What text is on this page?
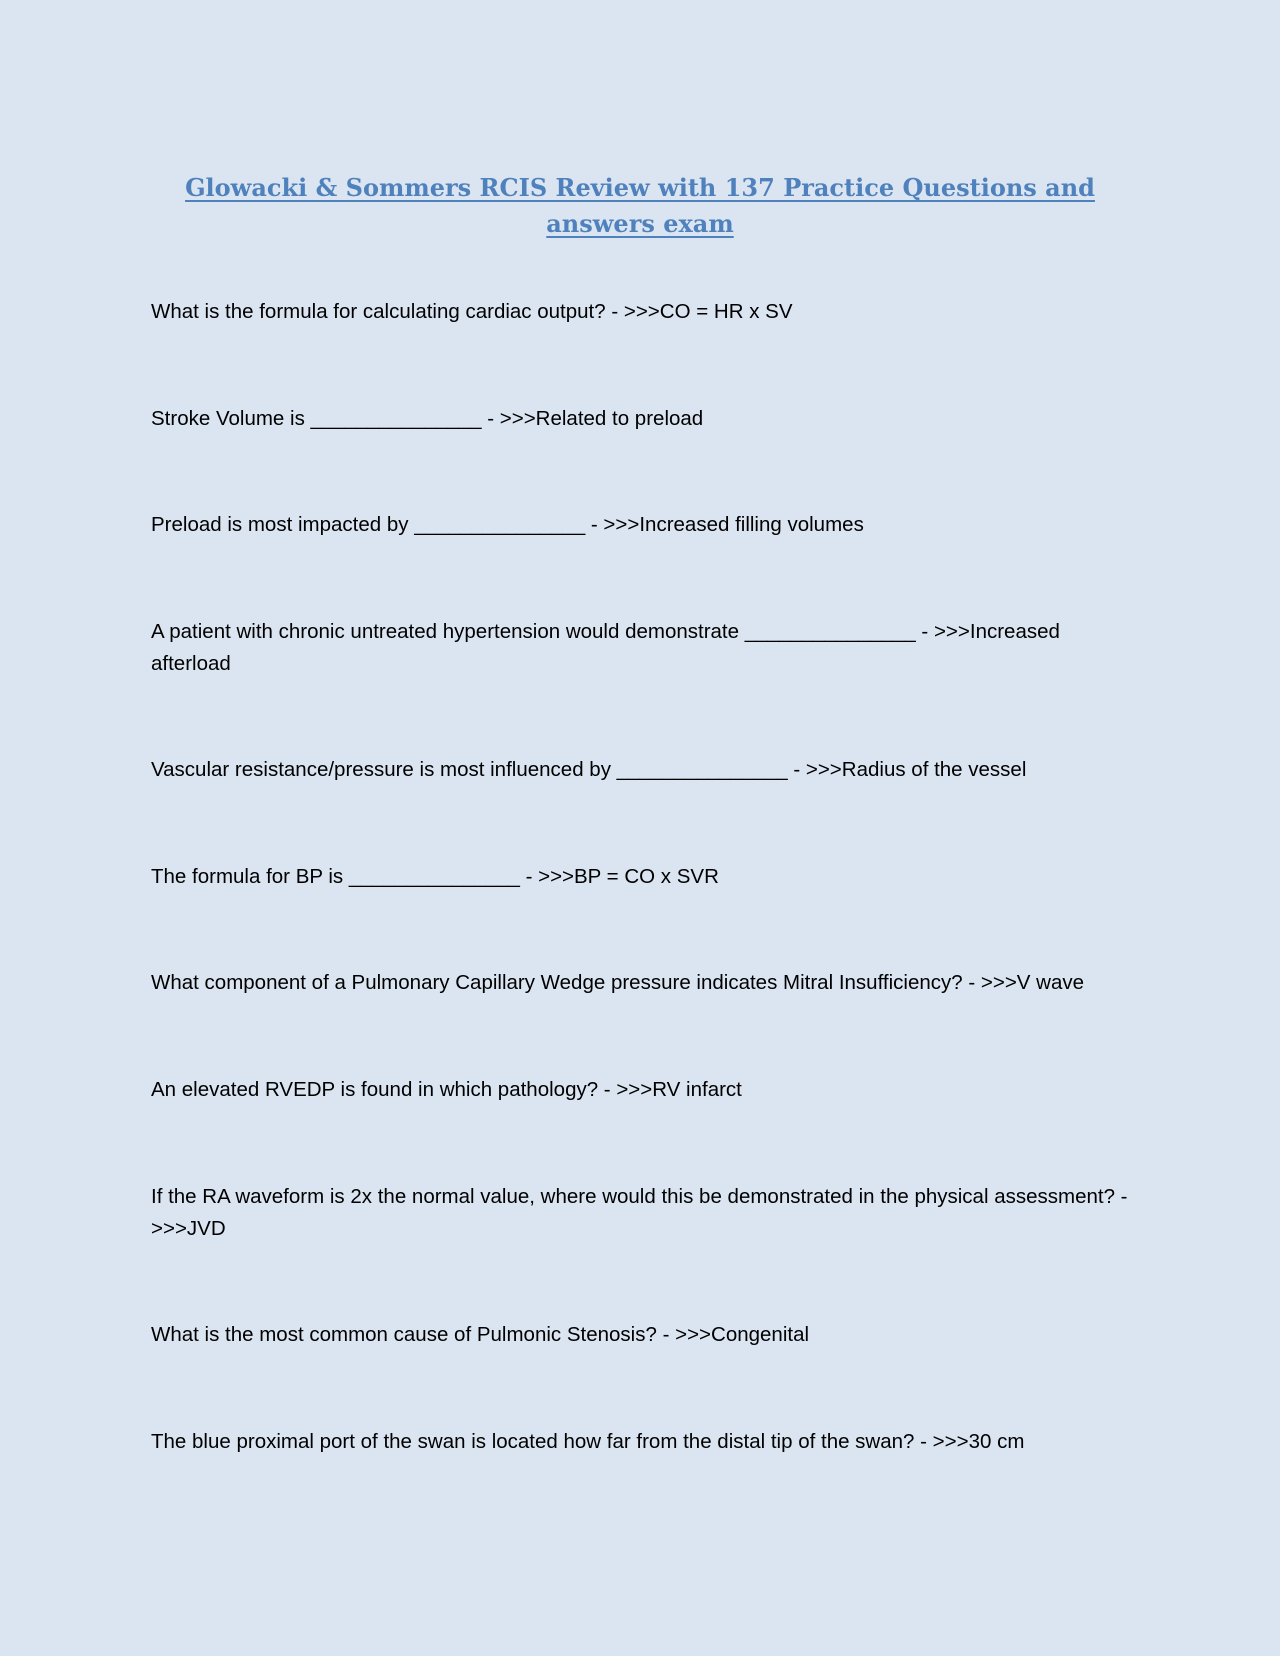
Glowacki & Sommers RCIS Review with 137 Practice Questions and answers exam

What is the formula for calculating cardiac output? - >>>CO = HR x SV

Stroke Volume is _______________ - >>>Related to preload

Preload is most impacted by _______________ - >>>Increased filling volumes

A patient with chronic untreated hypertension would demonstrate _______________ - >>>Increased afterload

Vascular resistance/pressure is most influenced by _______________ - >>>Radius of the vessel

The formula for BP is _______________ - >>>BP = CO x SVR

What component of a Pulmonary Capillary Wedge pressure indicates Mitral Insufficiency? - >>>V wave

An elevated RVEDP is found in which pathology? - >>>RV infarct

If the RA waveform is 2x the normal value, where would this be demonstrated in the physical assessment? - >>>JVD

What is the most common cause of Pulmonic Stenosis? - >>>Congenital

The blue proximal port of the swan is located how far from the distal tip of the swan? - >>>30 cm
